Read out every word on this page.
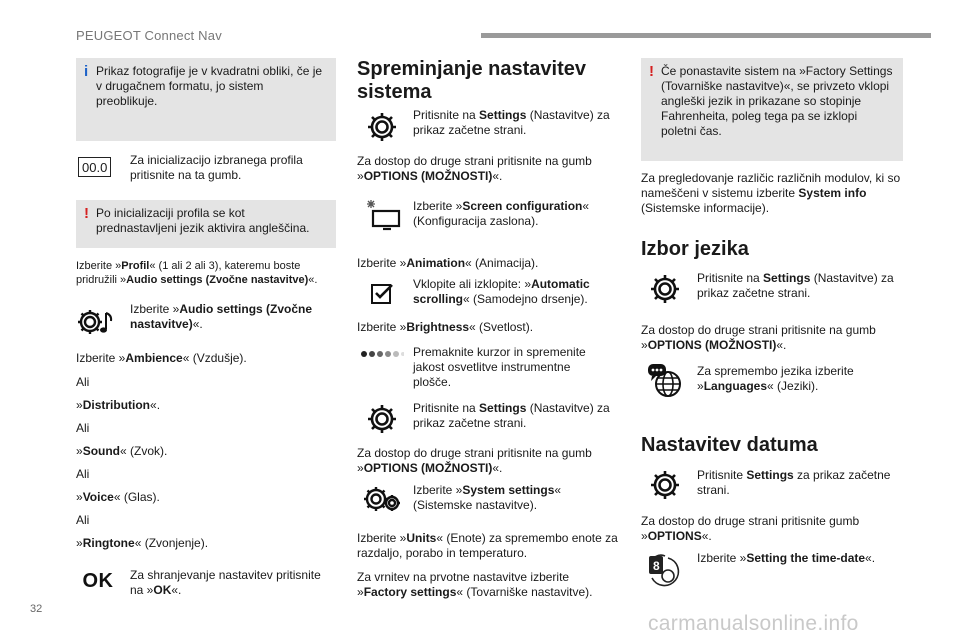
PEUGEOT Connect Nav
i Prikaz fotografije je v kvadratni obliki, če je v drugačnem formatu, jo sistem preoblikuje.
00.0 Za inicializacijo izbranega profila pritisnite na ta gumb.
! Po inicializaciji profila se kot prednastavljeni jezik aktivira angleščina.
Izberite »Profil« (1 ali 2 ali 3), kateremu boste pridružili »Audio settings (Zvočne nastavitve)«.
Izberite »Audio settings (Zvočne nastavitve)«.
Izberite »Ambience« (Vzdušje).
Ali
»Distribution«.
Ali
»Sound« (Zvok).
Ali
»Voice« (Glas).
Ali
»Ringtone« (Zvonjenje).
OK Za shranjevanje nastavitev pritisnite na »OK«.
Spreminjanje nastavitev sistema
Pritisnite na Settings (Nastavitve) za prikaz začetne strani.
Za dostop do druge strani pritisnite na gumb »OPTIONS (MOŽNOSTI)«.
Izberite »Screen configuration« (Konfiguracija zaslona).
Izberite »Animation« (Animacija).
Vklopite ali izklopite: »Automatic scrolling« (Samodejno drsenje).
Izberite »Brightness« (Svetlost).
Premaknite kurzor in spremenite jakost osvetlitve instrumentne plošče.
Pritisnite na Settings (Nastavitve) za prikaz začetne strani.
Za dostop do druge strani pritisnite na gumb »OPTIONS (MOŽNOSTI)«.
Izberite »System settings« (Sistemske nastavitve).
Izberite »Units« (Enote) za spremembo enote za razdaljo, porabo in temperaturo.
Za vrnitev na prvotne nastavitve izberite »Factory settings« (Tovarniške nastavitve).
! Če ponastavite sistem na »Factory Settings (Tovarniške nastavitve)«, se privzeto vklopi angleški jezik in prikazane so stopinje Fahrenheita, poleg tega pa se izklopi poletni čas.
Za pregledovanje različic različnih modulov, ki so nameščeni v sistemu izberite System info (Sistemske informacije).
Izbor jezika
Pritisnite na Settings (Nastavitve) za prikaz začetne strani.
Za dostop do druge strani pritisnite na gumb »OPTIONS (MOŽNOSTI)«.
Za spremembo jezika izberite »Languages« (Jeziki).
Nastavitev datuma
Pritisnite Settings za prikaz začetne strani.
Za dostop do druge strani pritisnite gumb »OPTIONS«.
8
Izberite »Setting the time-date«.
32
carmanualsonline.info
